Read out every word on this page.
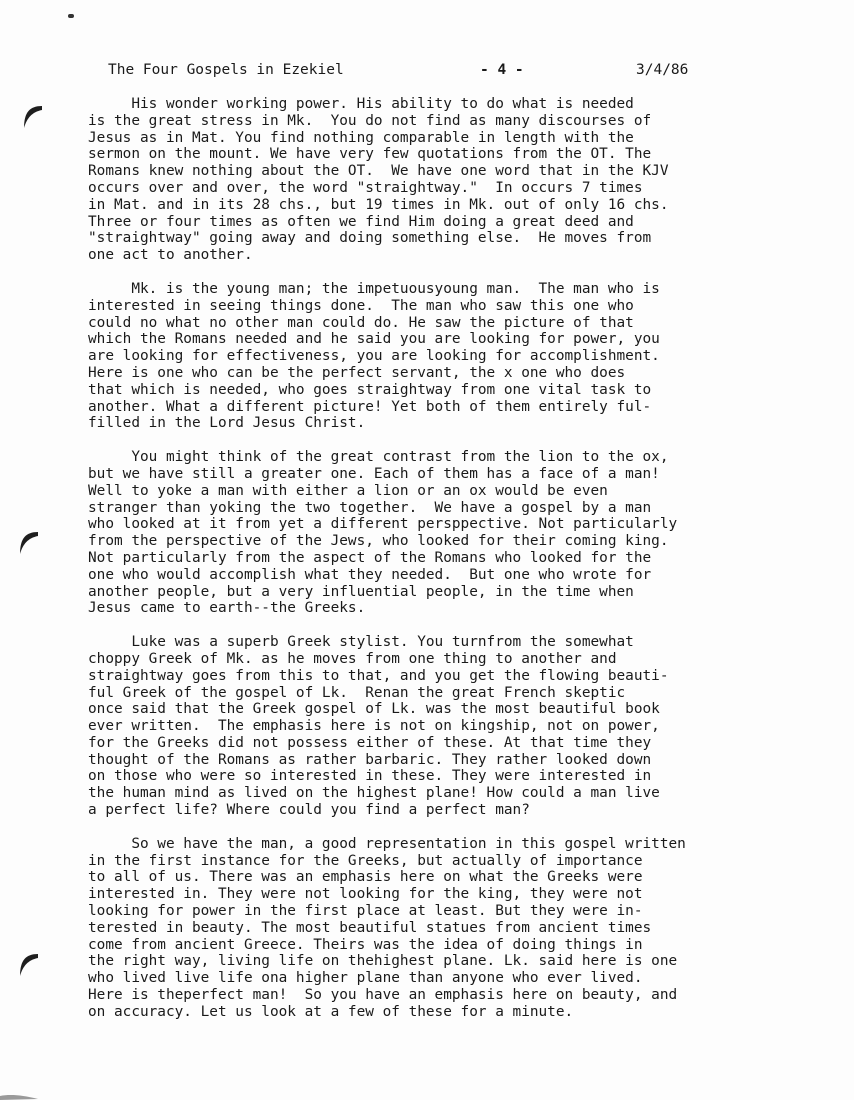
The Four Gospels in Ezekiel	- 4 -	3/4/86
His wonder working power. His ability to do what is needed
is the great stress in Mk.  You do not find as many discourses of
Jesus as in Mat. You find nothing comparable in length with the
sermon on the mount. We have very few quotations from the OT. The
Romans knew nothing about the OT.  We have one word that in the KJV
occurs over and over, the word "straightway."  In occurs 7 times
in Mat. and in its 28 chs., but 19 times in Mk. out of only 16 chs.
Three or four times as often we find Him doing a great deed and
"straightway" going away and doing something else.  He moves from
one act to another.
Mk. is the young man; the impetuousyoung man.  The man who is
interested in seeing things done.  The man who saw this one who
could no what no other man could do. He saw the picture of that
which the Romans needed and he said you are looking for power, you
are looking for effectiveness, you are looking for accomplishment.
Here is one who can be the perfect servant, the x one who does
that which is needed, who goes straightway from one vital task to
another. What a different picture! Yet both of them entirely ful-
filled in the Lord Jesus Christ.
You might think of the great contrast from the lion to the ox,
but we have still a greater one. Each of them has a face of a man!
Well to yoke a man with either a lion or an ox would be even
stranger than yoking the two together.  We have a gospel by a man
who looked at it from yet a different persppective. Not particularly
from the perspective of the Jews, who looked for their coming king.
Not particularly from the aspect of the Romans who looked for the
one who would accomplish what they needed.  But one who wrote for
another people, but a very influential people, in the time when
Jesus came to earth--the Greeks.
Luke was a superb Greek stylist. You turnfrom the somewhat
choppy Greek of Mk. as he moves from one thing to another and
straightway goes from this to that, and you get the flowing beauti-
ful Greek of the gospel of Lk.  Renan the great French skeptic
once said that the Greek gospel of Lk. was the most beautiful book
ever written.  The emphasis here is not on kingship, not on power,
for the Greeks did not possess either of these. At that time they
thought of the Romans as rather barbaric. They rather looked down
on those who were so interested in these. They were interested in
the human mind as lived on the highest plane! How could a man live
a perfect life? Where could you find a perfect man?
So we have the man, a good representation in this gospel written
in the first instance for the Greeks, but actually of importance
to all of us. There was an emphasis here on what the Greeks were
interested in. They were not looking for the king, they were not
looking for power in the first place at least. But they were in-
terested in beauty. The most beautiful statues from ancient times
come from ancient Greece. Theirs was the idea of doing things in
the right way, living life on thehighest plane. Lk. said here is one
who lived live life ona higher plane than anyone who ever lived.
Here is theperfect man!  So you have an emphasis here on beauty, and
on accuracy. Let us look at a few of these for a minute.
